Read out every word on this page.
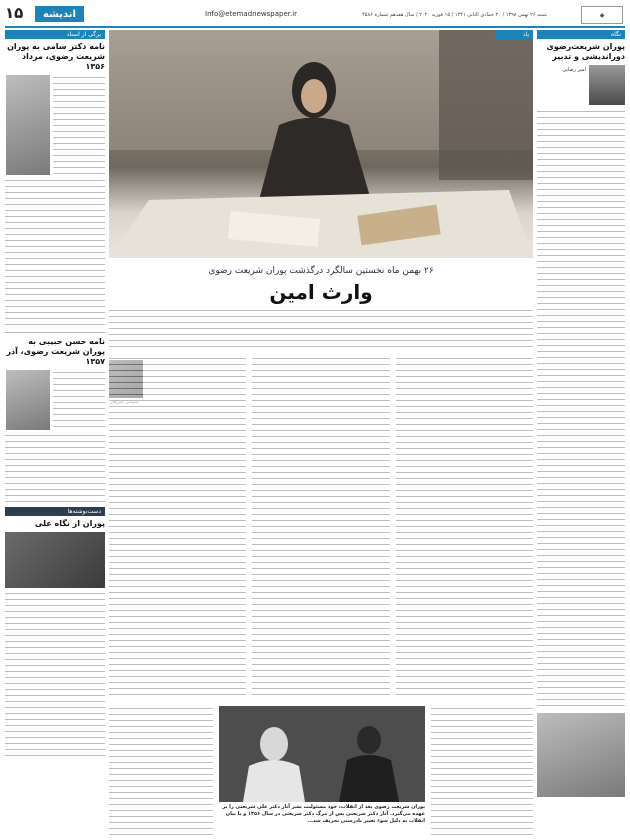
۱۵	Info@etemadnewspaper.ir
اندیشه	شنبه ۲۶ بهمن ۱۳۹۸ / ۲۰ جمادی الثانی ۱۴۴۱ / ۱۵ فوریه ۲۰۲۰ / سال هفدهم شماره ۴۵۸۶	◆
نگاه
پوران شریعت‌رضوی دوراندیشی و تدبیر
امیر رضایی
برگی از اسناد
نامه دکتر سامی به پوران شریعت رضوی، مرداد ۱۳۵۶
نامه حسن حبیبی به پوران شریعت رضوی، آذر ۱۳۵۷
دست‌نوشته‌ها
پوران از نگاه علی
یاد
۲۶ بهمن ماه نخستین سالگرد درگذشت پوران شریعت رضوی
وارث امین
پوران شریعت رضوی بعد از انقلاب، خود مسئولیت نشر آثار دکتر علی شریعتی را بر عهده می‌گیرد. آثار دکتر شریعتی پس از مرگ دکتر شریعتی در سال ۱۳۵۶ و با بیان انقلاب به دلیل سوء تعبیر نادرستی تحریف شد...
